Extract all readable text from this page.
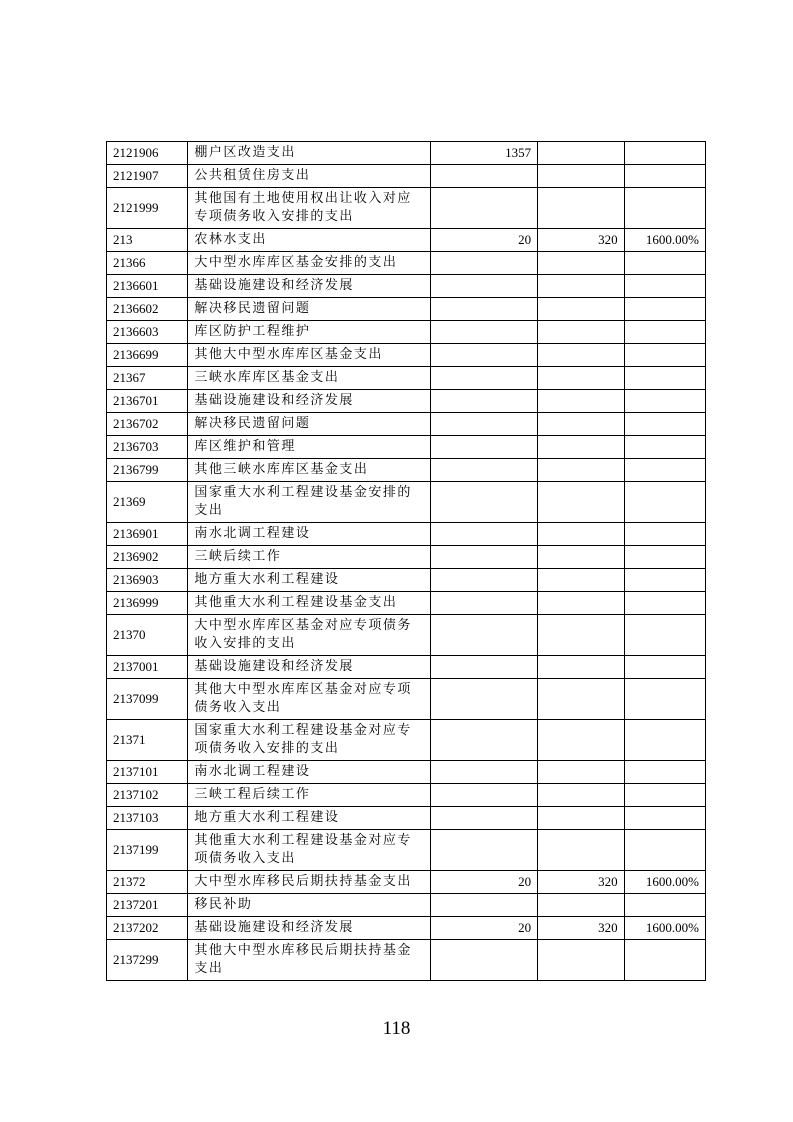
2121906	棚户区改造支出	1357		
2121907	公共租赁住房支出			
2121999	其他国有土地使用权出让收入对应专项债务收入安排的支出			
213	农林水支出	20	320	1600.00%
21366	大中型水库库区基金安排的支出			
2136601	基础设施建设和经济发展			
2136602	解决移民遗留问题			
2136603	库区防护工程维护			
2136699	其他大中型水库库区基金支出			
21367	三峡水库库区基金支出			
2136701	基础设施建设和经济发展			
2136702	解决移民遗留问题			
2136703	库区维护和管理			
2136799	其他三峡水库库区基金支出			
21369	国家重大水利工程建设基金安排的支出			
2136901	南水北调工程建设			
2136902	三峡后续工作			
2136903	地方重大水利工程建设			
2136999	其他重大水利工程建设基金支出			
21370	大中型水库库区基金对应专项债务收入安排的支出			
2137001	基础设施建设和经济发展			
2137099	其他大中型水库库区基金对应专项债务收入支出			
21371	国家重大水利工程建设基金对应专项债务收入安排的支出			
2137101	南水北调工程建设			
2137102	三峡工程后续工作			
2137103	地方重大水利工程建设			
2137199	其他重大水利工程建设基金对应专项债务收入支出			
21372	大中型水库移民后期扶持基金支出	20	320	1600.00%
2137201	移民补助			
2137202	基础设施建设和经济发展	20	320	1600.00%
2137299	其他大中型水库移民后期扶持基金支出			
118
